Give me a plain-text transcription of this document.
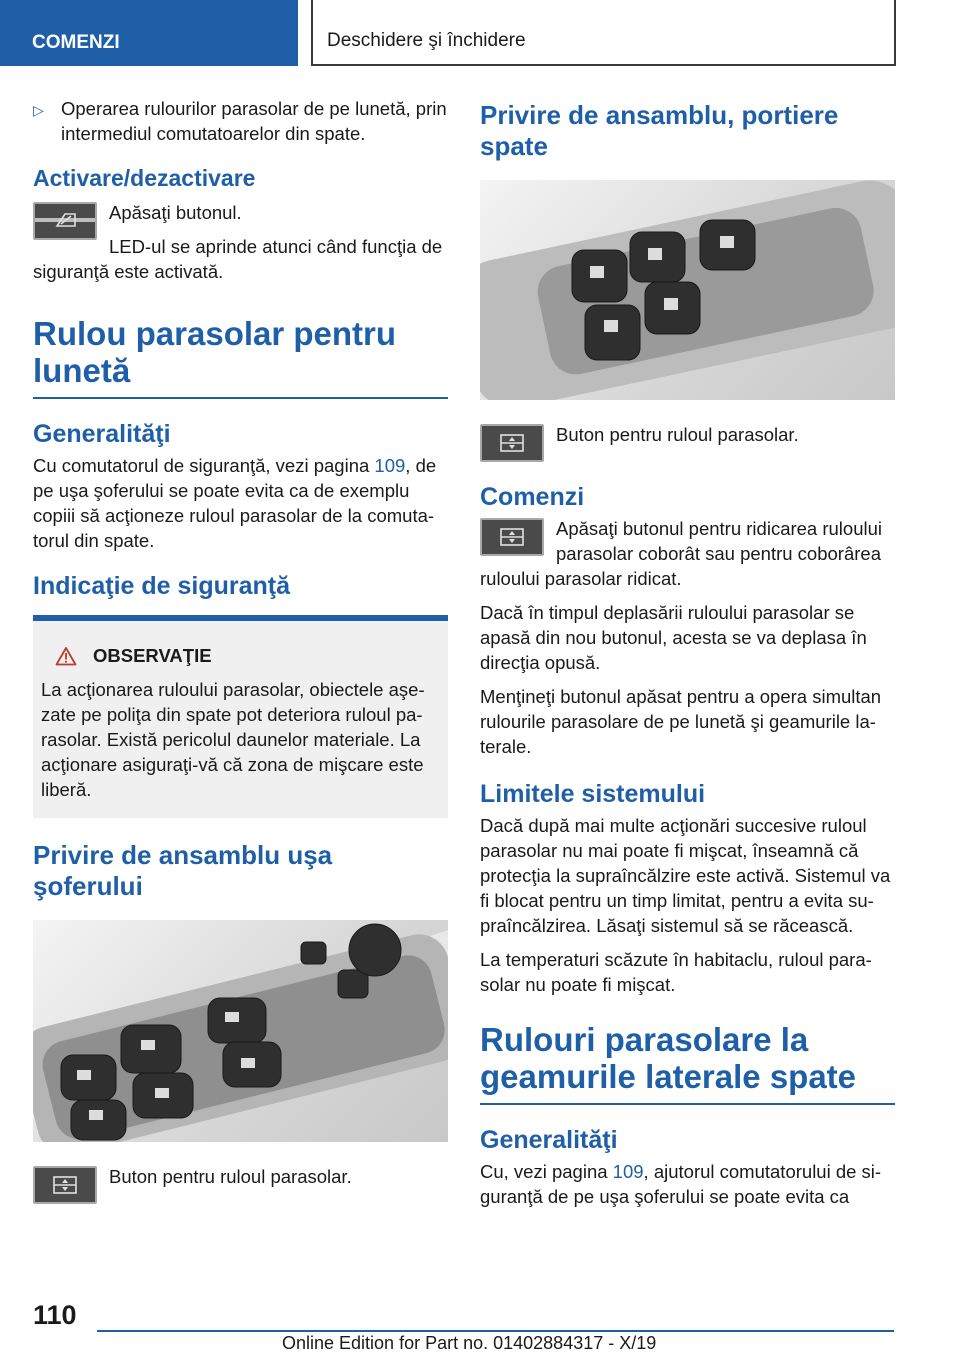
COMENZI	Deschidere şi închidere
▷ Operarea rulourilor parasolar de pe lunetă, prin intermediul comutatoarelor din spate.
Activare/dezactivare

Apăsaţi butonul.

LED-ul se aprinde atunci când funcţia de siguranţă este activată.

Rulou parasolar pentru lunetă
Generalităţi

Cu comutatorul de siguranţă, vezi pagina 109, de pe uşa şoferului se poate evita ca de exemplu copiii să acţioneze ruloul parasolar de la comuta-torul din spate.

Indicaţie de siguranţă
OBSERVAŢIE

La acţionarea ruloului parasolar, obiectele aşe-zate pe poliţa din spate pot deteriora ruloul pa-rasolar. Există pericolul daunelor materiale. La acţionare asiguraţi-vă că zona de mişcare este liberă.

Privire de ansamblu uşa şoferului

Buton pentru ruloul parasolar.

Privire de ansamblu, portiere spate

Buton pentru ruloul parasolar.

Comenzi

Apăsaţi butonul pentru ridicarea ruloului parasolar coborât sau pentru coborârea ruloului parasolar ridicat.

Dacă în timpul deplasării ruloului parasolar se apasă din nou butonul, acesta se va deplasa în direcţia opusă.

Menţineţi butonul apăsat pentru a opera simultan rulourile parasolare de pe lunetă şi geamurile la-terale.

Limitele sistemului

Dacă după mai multe acţionări succesive ruloul parasolar nu mai poate fi mişcat, înseamnă că protecţia la supraîncălzire este activă. Sistemul va fi blocat pentru un timp limitat, pentru a evita su-praîncălzirea. Lăsaţi sistemul să se răcească.

La temperaturi scăzute în habitaclu, ruloul para-solar nu poate fi mişcat.

Rulouri parasolare la geamurile laterale spate
Generalităţi

Cu, vezi pagina 109, ajutorul comutatorului de si-guranţă de pe uşa şoferului se poate evita ca

110
Online Edition for Part no. 01402884317 - X/19
